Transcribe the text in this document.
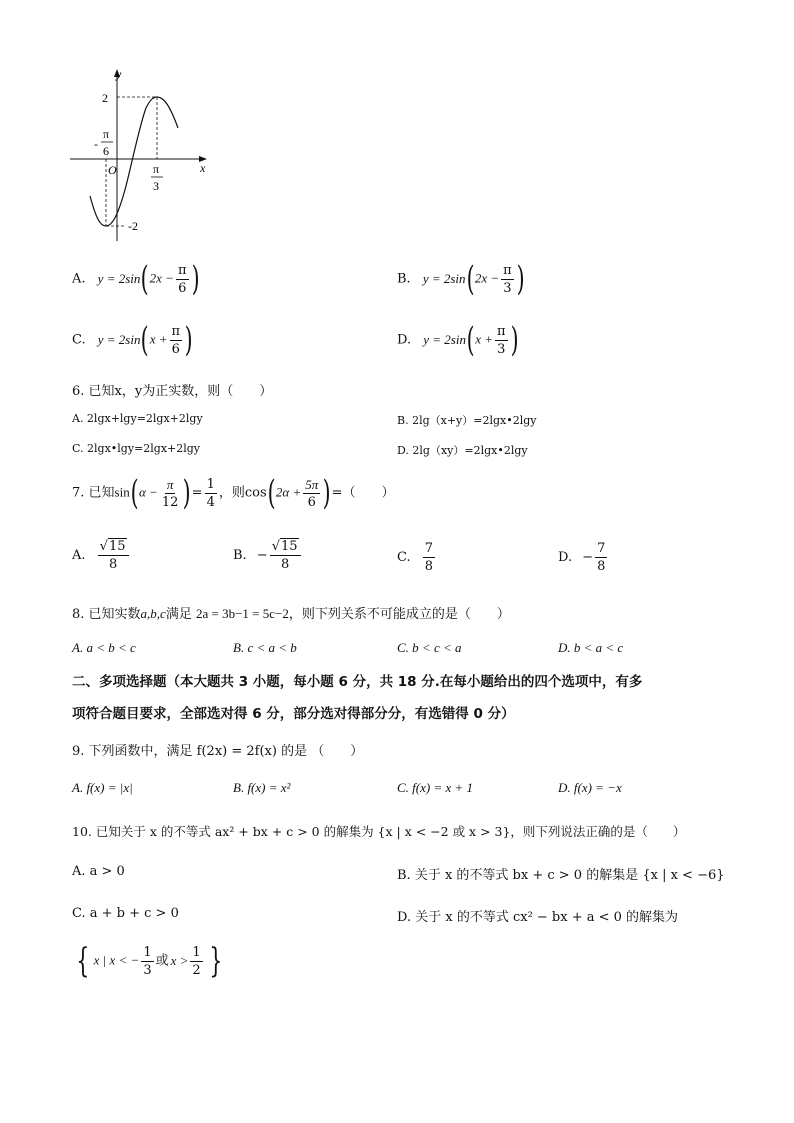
y
x
O
2
-2
-
π
6
π
3
A. $y = 2\sin(2x - \frac{\pi}{6}$ )	B. $y = 2\sin(2x - \frac{\pi}{3}$ )
C. $y = 2\sin(x + \frac{\pi}{6}$ )	D. $y = 2\sin(x + \frac{\pi}{3}$ )
6. 已知x，y为正实数，则（　　）
A. 2lgx+lgy=2lgx+2lgy	B. 2lg（x+y）=2lgx•2lgy
C. 2lgx•lgy=2lgx+2lgy	D. 2lg（xy）=2lgx•2lgy
7. 已知$\sin(\alpha - \frac{\pi}{12}$ )= $\frac{1}{4}$ ，则$\cos(2\alpha + \frac{5\pi}{6}$ )=（　　）
A. $\frac{√15}{8}$	B. − $\frac{√15}{8}$	C. $\frac{7}{8}$	D. − $\frac{7}{8}$
8. 已知实数a,b,c满足 2a = 3b−1 = 5c−2，则下列关系不可能成立的是（　　）
A. a < b < c	B. c < a < b	C. b < c < a	D. b < a < c
二、多项选择题（本大题共 3 小题，每小题 6 分，共 18 分.在每小题给出的四个选项中，有多
项符合题目要求，全部选对得 6 分，部分选对得部分分，有选错得 0 分）
9. 下列函数中，满足 f(2x) = 2f(x) 的是 （　　）
A. f(x) = |x|	B. f(x) = x²	C. f(x) = x + 1	D. f(x) = −x
10. 已知关于 x 的不等式 ax² + bx + c > 0 的解集为 {x | x < −2 或 x > 3}，则下列说法正确的是（　　）
A. a > 0	B. 关于 x 的不等式 bx + c > 0 的解集是 {x | x < −6}
C. a + b + c > 0	D. 关于 x 的不等式 cx² − bx + a < 0 的解集为
{ x | x < − $\frac{1}{3}$ 或 $x > \frac{1}{2}$ }
